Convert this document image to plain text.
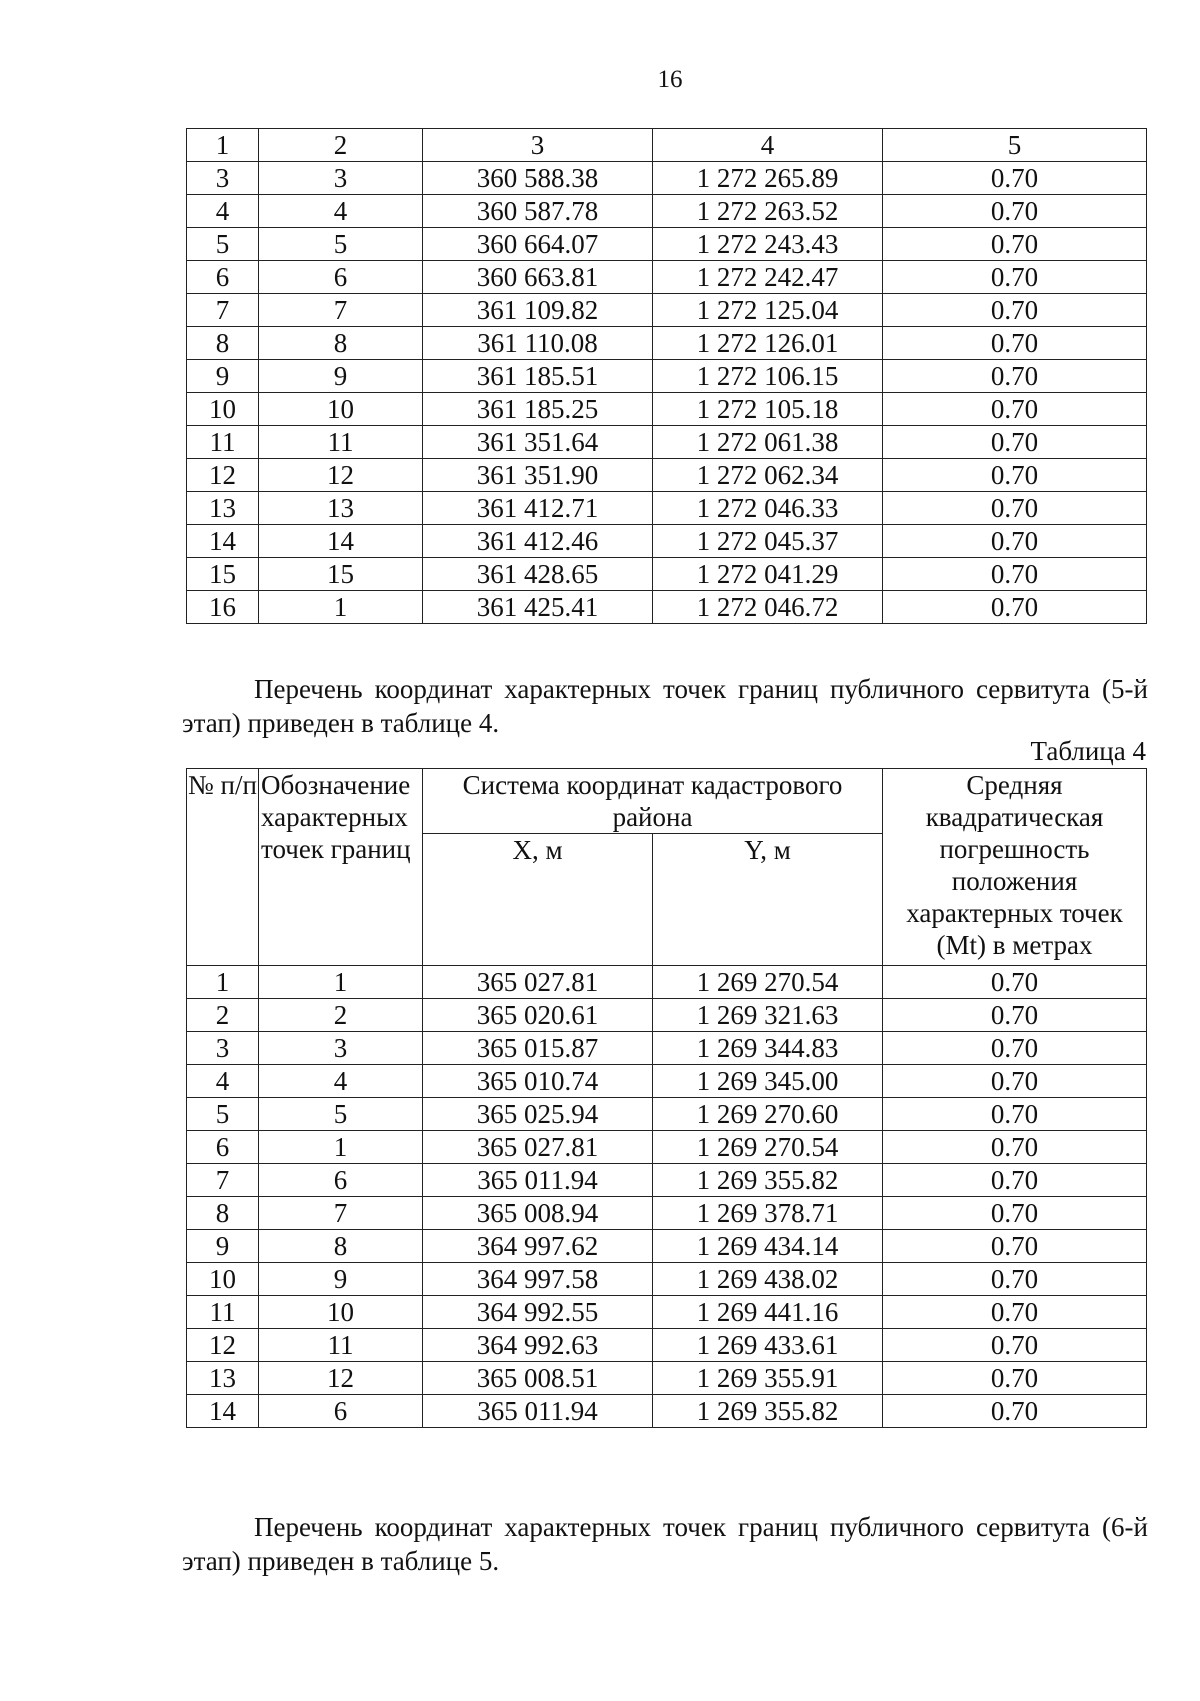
16
1	2	3	4	5
3	3	360 588.38	1 272 265.89	0.70
4	4	360 587.78	1 272 263.52	0.70
5	5	360 664.07	1 272 243.43	0.70
6	6	360 663.81	1 272 242.47	0.70
7	7	361 109.82	1 272 125.04	0.70
8	8	361 110.08	1 272 126.01	0.70
9	9	361 185.51	1 272 106.15	0.70
10	10	361 185.25	1 272 105.18	0.70
11	11	361 351.64	1 272 061.38	0.70
12	12	361 351.90	1 272 062.34	0.70
13	13	361 412.71	1 272 046.33	0.70
14	14	361 412.46	1 272 045.37	0.70
15	15	361 428.65	1 272 041.29	0.70
16	1	361 425.41	1 272 046.72	0.70
Перечень координат характерных точек границ публичного сервитута (5-й этап) приведен в таблице 4.
Таблица 4
№ п/п	Обозначение характерных точек границ	Система координат кадастрового района		Средняя квадратическая погрешность положения характерных точек (Mt) в метрах
		X, м	Y, м	
1	1	365 027.81	1 269 270.54	0.70
2	2	365 020.61	1 269 321.63	0.70
3	3	365 015.87	1 269 344.83	0.70
4	4	365 010.74	1 269 345.00	0.70
5	5	365 025.94	1 269 270.60	0.70
6	1	365 027.81	1 269 270.54	0.70
7	6	365 011.94	1 269 355.82	0.70
8	7	365 008.94	1 269 378.71	0.70
9	8	364 997.62	1 269 434.14	0.70
10	9	364 997.58	1 269 438.02	0.70
11	10	364 992.55	1 269 441.16	0.70
12	11	364 992.63	1 269 433.61	0.70
13	12	365 008.51	1 269 355.91	0.70
14	6	365 011.94	1 269 355.82	0.70
Перечень координат характерных точек границ публичного сервитута (6-й этап) приведен в таблице 5.
